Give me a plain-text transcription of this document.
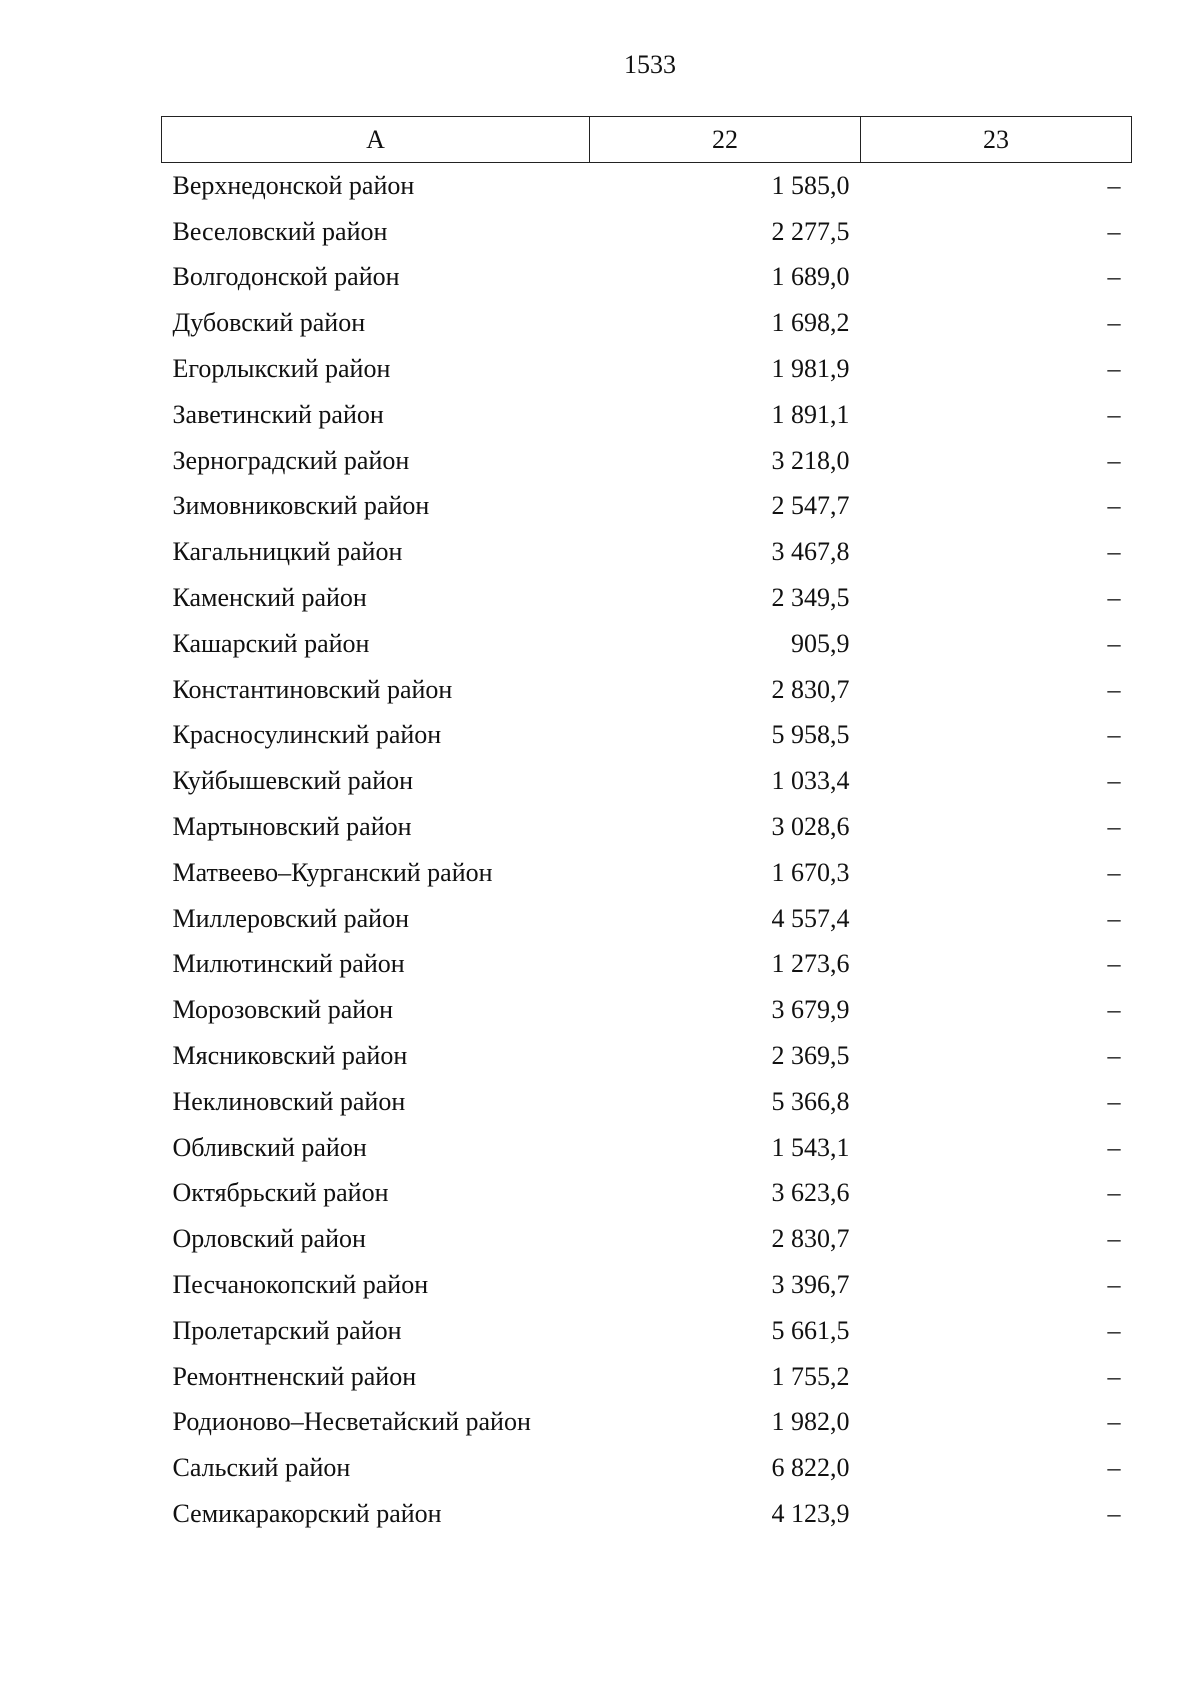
1533
А	22	23
Верхнедонской район	1 585,0	–
Веселовский район	2 277,5	–
Волгодонской район	1 689,0	–
Дубовский район	1 698,2	–
Егорлыкский район	1 981,9	–
Заветинский район	1 891,1	–
Зерноградский район	3 218,0	–
Зимовниковский район	2 547,7	–
Кагальницкий район	3 467,8	–
Каменский район	2 349,5	–
Кашарский район	905,9	–
Константиновский район	2 830,7	–
Красносулинский район	5 958,5	–
Куйбышевский район	1 033,4	–
Мартыновский район	3 028,6	–
Матвеево–Курганский район	1 670,3	–
Миллеровский район	4 557,4	–
Милютинский район	1 273,6	–
Морозовский район	3 679,9	–
Мясниковский район	2 369,5	–
Неклиновский район	5 366,8	–
Обливский район	1 543,1	–
Октябрьский район	3 623,6	–
Орловский район	2 830,7	–
Песчанокопский район	3 396,7	–
Пролетарский район	5 661,5	–
Ремонтненский район	1 755,2	–
Родионово–Несветайский район	1 982,0	–
Сальский район	6 822,0	–
Семикаракорский район	4 123,9	–
